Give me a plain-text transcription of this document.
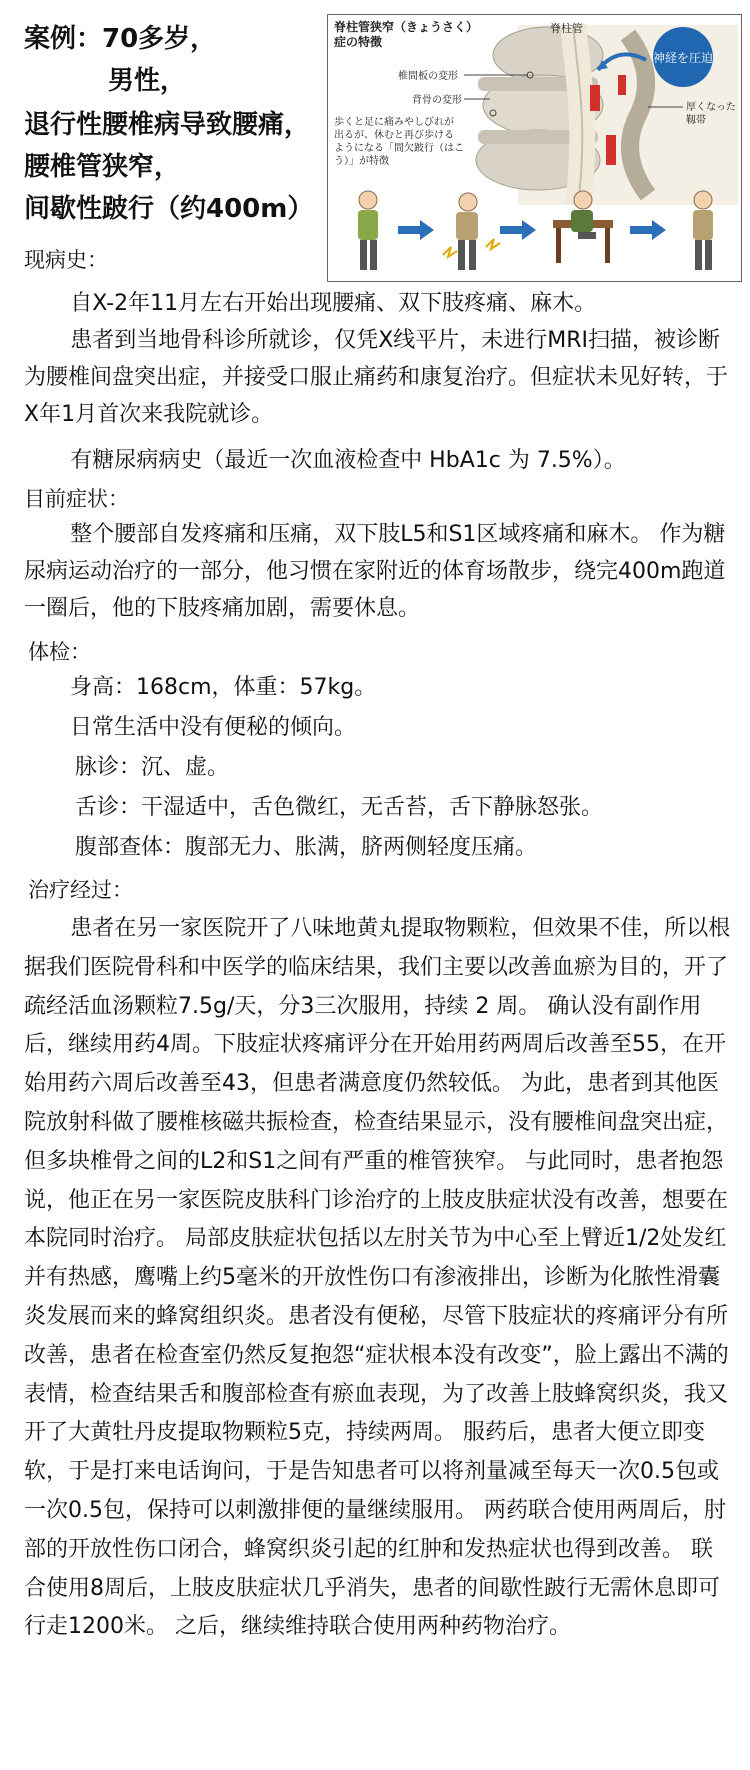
案例：70多岁，
男性，
退行性腰椎病导致腰痛，
腰椎管狭窄，
间歇性跛行（约400m）
神経を圧迫
脊柱管狭窄（きょうさく）
症の特徴
脊柱管
椎間板の変形
背骨の変形
厚くなった
靱帯
歩くと足に痛みやしびれが
出るが、休むと再び歩ける
ようになる「間欠跛行（はこ
う）」が特徴
现病史：
自X-2年11月左右开始出现腰痛、双下肢疼痛、麻木。
患者到当地骨科诊所就诊，仅凭X线平片，未进行MRI扫描，被诊断为腰椎间盘突出症，并接受口服止痛药和康复治疗。但症状未见好转，于X年1月首次来我院就诊。
有糖尿病病史（最近一次血液检查中 HbA1c 为 7.5%）。
目前症状：
整个腰部自发疼痛和压痛，双下肢L5和S1区域疼痛和麻木。 作为糖尿病运动治疗的一部分，他习惯在家附近的体育场散步，绕完400m跑道一圈后，他的下肢疼痛加剧，需要休息。
体检：
身高：168cm，体重：57kg。
日常生活中没有便秘的倾向。
脉诊：沉、虚。
舌诊：干湿适中，舌色微红，无舌苔，舌下静脉怒张。
腹部查体：腹部无力、胀满，脐两侧轻度压痛。
治疗经过：
患者在另一家医院开了八味地黄丸提取物颗粒，但效果不佳，所以根据我们医院骨科和中医学的临床结果，我们主要以改善血瘀为目的，开了疏经活血汤颗粒7.5g/天，分3三次服用，持续 2 周。 确认没有副作用后，继续用药4周。下肢症状疼痛评分在开始用药两周后改善至55，在开始用药六周后改善至43，但患者满意度仍然较低。 为此，患者到其他医院放射科做了腰椎核磁共振检查，检查结果显示，没有腰椎间盘突出症，但多块椎骨之间的L2和S1之间有严重的椎管狭窄。 与此同时，患者抱怨说，他正在另一家医院皮肤科门诊治疗的上肢皮肤症状没有改善，想要在本院同时治疗。 局部皮肤症状包括以左肘关节为中心至上臂近1/2处发红并有热感，鹰嘴上约5毫米的开放性伤口有渗液排出，诊断为化脓性滑囊炎发展而来的蜂窝组织炎。患者没有便秘，尽管下肢症状的疼痛评分有所改善，患者在检查室仍然反复抱怨“症状根本没有改变”，脸上露出不满的表情，检查结果舌和腹部检查有瘀血表现，为了改善上肢蜂窝织炎，我又开了大黄牡丹皮提取物颗粒5克，持续两周。 服药后，患者大便立即变软，于是打来电话询问，于是告知患者可以将剂量减至每天一次0.5包或一次0.5包，保持可以刺激排便的量继续服用。 两药联合使用两周后，肘部的开放性伤口闭合，蜂窝织炎引起的红肿和发热症状也得到改善。 联合使用8周后，上肢皮肤症状几乎消失，患者的间歇性跛行无需休息即可行走1200米。 之后，继续维持联合使用两种药物治疗。
